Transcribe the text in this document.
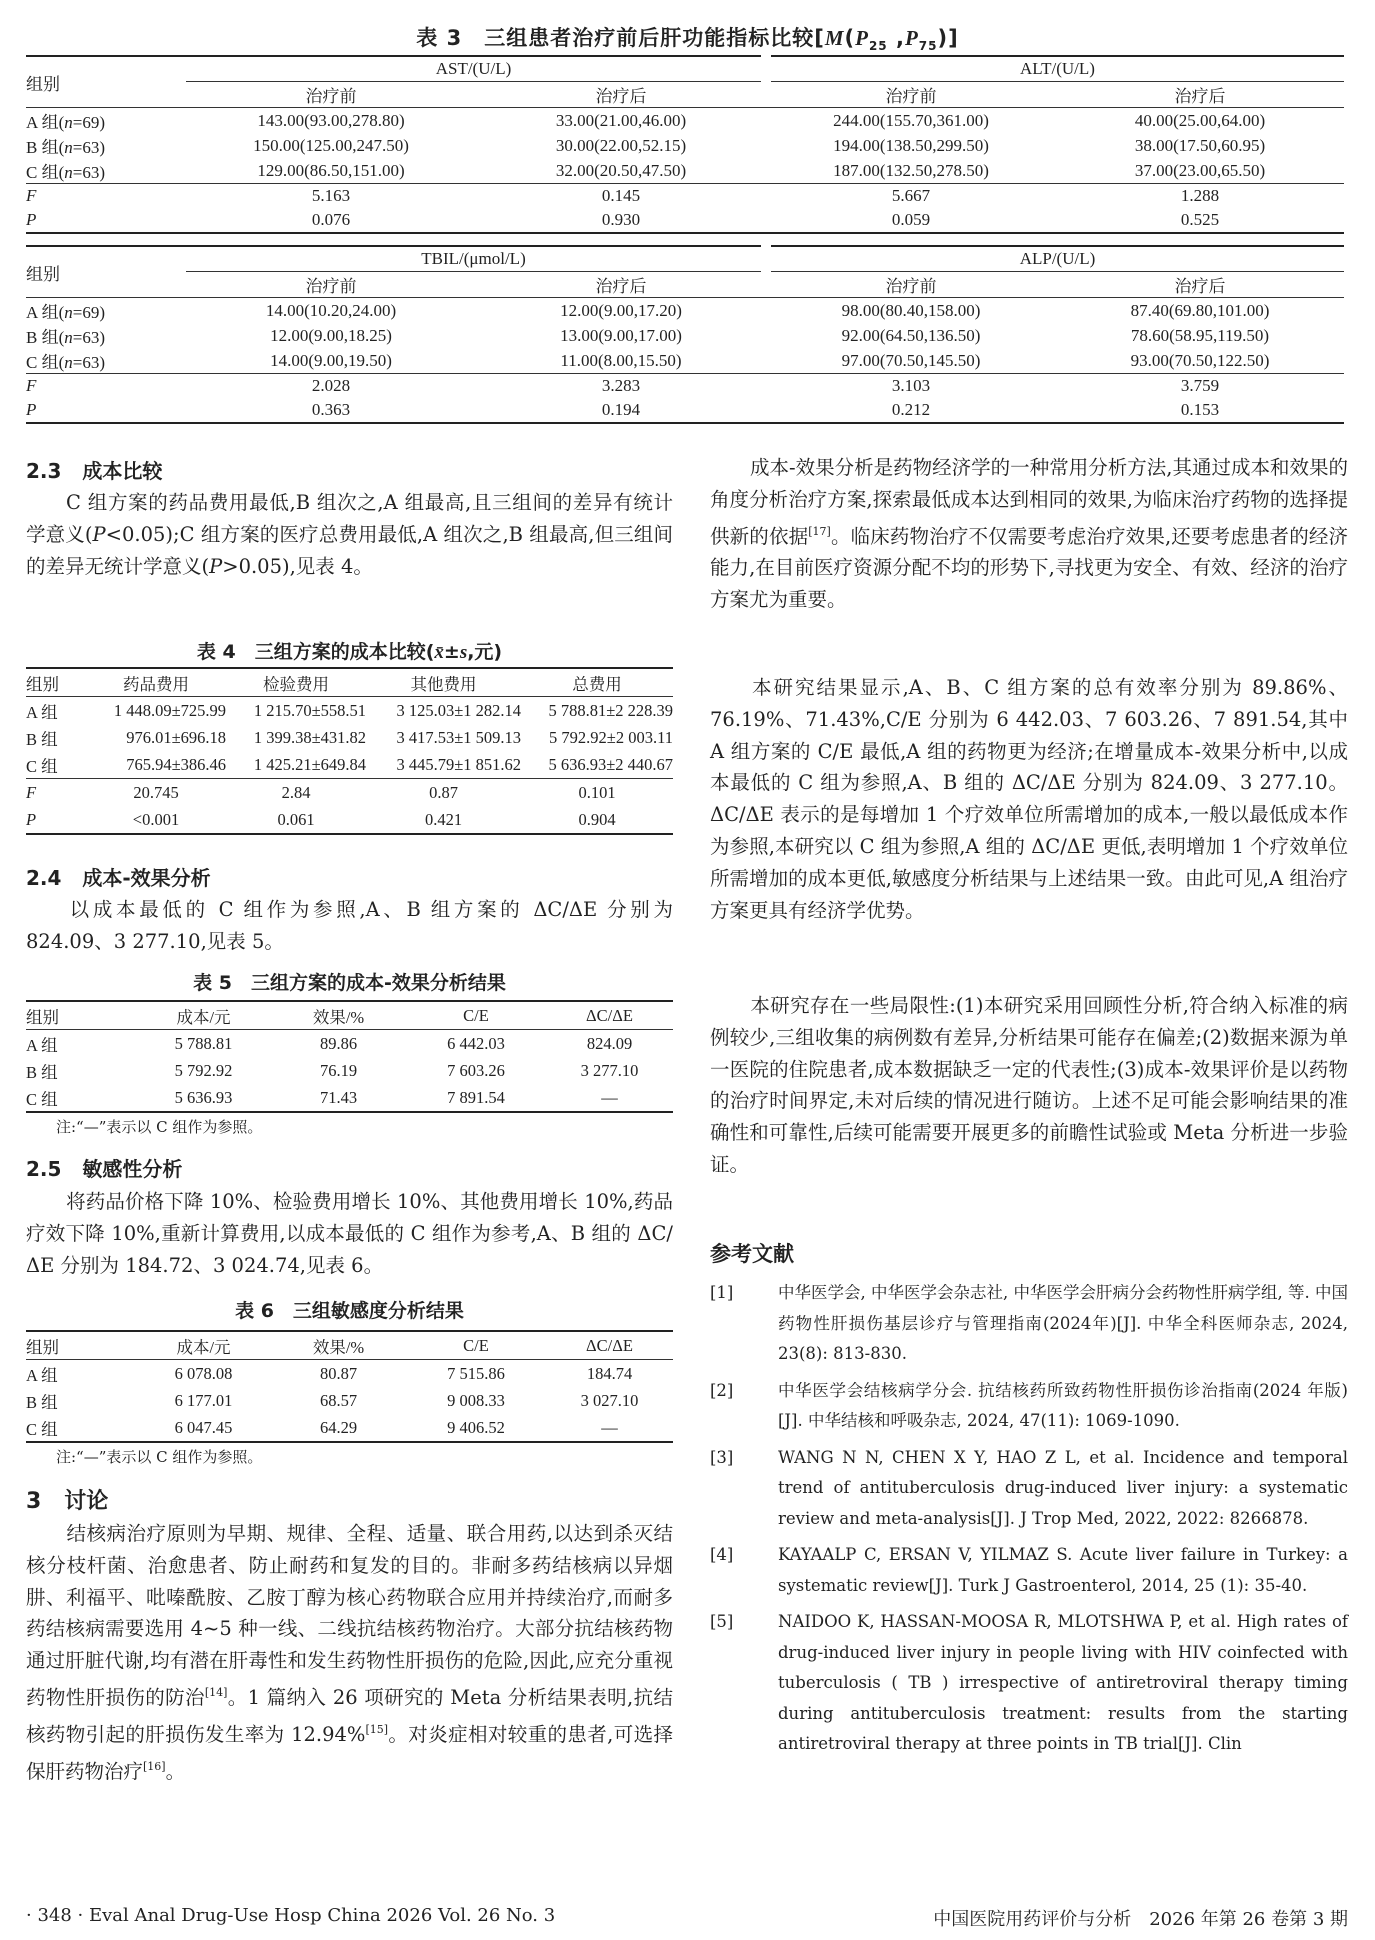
表 3　三组患者治疗前后肝功能指标比较[$M(P_{25}$ $,P_{75}$)]
组别	AST/(U/L)		ALT/(U/L)	
	治疗前	治疗后	治疗前	治疗后
A 组(n=69)	143.00(93.00,278.80)	33.00(21.00,46.00)	244.00(155.70,361.00)	40.00(25.00,64.00)
B 组(n=63)	150.00(125.00,247.50)	30.00(22.00,52.15)	194.00(138.50,299.50)	38.00(17.50,60.95)
C 组(n=63)	129.00(86.50,151.00)	32.00(20.50,47.50)	187.00(132.50,278.50)	37.00(23.00,65.50)
F	5.163	0.145	5.667	1.288
P	0.076	0.930	0.059	0.525
组别	TBIL/(μmol/L)		ALP/(U/L)	
	治疗前	治疗后	治疗前	治疗后
A 组(n=69)	14.00(10.20,24.00)	12.00(9.00,17.20)	98.00(80.40,158.00)	87.40(69.80,101.00)
B 组(n=63)	12.00(9.00,18.25)	13.00(9.00,17.00)	92.00(64.50,136.50)	78.60(58.95,119.50)
C 组(n=63)	14.00(9.00,19.50)	11.00(8.00,15.50)	97.00(70.50,145.50)	93.00(70.50,122.50)
F	2.028	3.283	3.103	3.759
P	0.363	0.194	0.212	0.153
2.3 成本比较
C 组方案的药品费用最低,B 组次之,A 组最高,且三组间的差异有统计学意义(P<0.05);C 组方案的医疗总费用最低,A 组次之,B 组最高,但三组间的差异无统计学意义(P>0.05),见表 4。
表 4　三组方案的成本比较(x̄±s,元)
组别	药品费用	检验费用	其他费用	总费用
A 组	1 448.09±725.99	1 215.70±558.51	3 125.03±1 282.14	5 788.81±2 228.39
B 组	976.01±696.18	1 399.38±431.82	3 417.53±1 509.13	5 792.92±2 003.11
C 组	765.94±386.46	1 425.21±649.84	3 445.79±1 851.62	5 636.93±2 440.67
F	20.745	2.84	0.87	0.101
P	<0.001	0.061	0.421	0.904
2.4 成本-效果分析
以成本最低的 C 组作为参照,A、B 组方案的 ΔC/ΔE 分别为 824.09、3 277.10,见表 5。
表 5　三组方案的成本-效果分析结果
组别	成本/元	效果/%	C/E	ΔC/ΔE
A 组	5 788.81	89.86	6 442.03	824.09
B 组	5 792.92	76.19	7 603.26	3 277.10
C 组	5 636.93	71.43	7 891.54	—
注:“—”表示以 C 组作为参照。
2.5 敏感性分析
将药品价格下降 10%、检验费用增长 10%、其他费用增长 10%,药品疗效下降 10%,重新计算费用,以成本最低的 C 组作为参考,A、B 组的 ΔC/ΔE 分别为 184.72、3 024.74,见表 6。
表 6　三组敏感度分析结果
组别	成本/元	效果/%	C/E	ΔC/ΔE
A 组	6 078.08	80.87	7 515.86	184.74
B 组	6 177.01	68.57	9 008.33	3 027.10
C 组	6 047.45	64.29	9 406.52	—
注:“—”表示以 C 组作为参照。
3 讨论
结核病治疗原则为早期、规律、全程、适量、联合用药,以达到杀灭结核分枝杆菌、治愈患者、防止耐药和复发的目的。非耐多药结核病以异烟肼、利福平、吡嗪酰胺、乙胺丁醇为核心药物联合应用并持续治疗,而耐多药结核病需要选用 4~5 种一线、二线抗结核药物治疗。大部分抗结核药物通过肝脏代谢,均有潜在肝毒性和发生药物性肝损伤的危险,因此,应充分重视药物性肝损伤的防治[14]。1 篇纳入 26 项研究的 Meta 分析结果表明,抗结核药物引起的肝损伤发生率为 12.94%[15]。对炎症相对较重的患者,可选择保肝药物治疗[16]。
成本-效果分析是药物经济学的一种常用分析方法,其通过成本和效果的角度分析治疗方案,探索最低成本达到相同的效果,为临床治疗药物的选择提供新的依据[17]。临床药物治疗不仅需要考虑治疗效果,还要考虑患者的经济能力,在目前医疗资源分配不均的形势下,寻找更为安全、有效、经济的治疗方案尤为重要。
本研究结果显示,A、B、C 组方案的总有效率分别为 89.86%、76.19%、71.43%,C/E 分别为 6 442.03、7 603.26、7 891.54,其中 A 组方案的 C/E 最低,A 组的药物更为经济;在增量成本-效果分析中,以成本最低的 C 组为参照,A、B 组的 ΔC/ΔE 分别为 824.09、3 277.10。ΔC/ΔE 表示的是每增加 1 个疗效单位所需增加的成本,一般以最低成本作为参照,本研究以 C 组为参照,A 组的 ΔC/ΔE 更低,表明增加 1 个疗效单位所需增加的成本更低,敏感度分析结果与上述结果一致。由此可见,A 组治疗方案更具有经济学优势。
本研究存在一些局限性:(1)本研究采用回顾性分析,符合纳入标准的病例较少,三组收集的病例数有差异,分析结果可能存在偏差;(2)数据来源为单一医院的住院患者,成本数据缺乏一定的代表性;(3)成本-效果评价是以药物的治疗时间界定,未对后续的情况进行随访。上述不足可能会影响结果的准确性和可靠性,后续可能需要开展更多的前瞻性试验或 Meta 分析进一步验证。
参考文献
[1]	中华医学会, 中华医学会杂志社, 中华医学会肝病分会药物性肝病学组, 等. 中国药物性肝损伤基层诊疗与管理指南(2024年)[J]. 中华全科医师杂志, 2024, 23(8): 813-830.
[2]	中华医学会结核病学分会. 抗结核药所致药物性肝损伤诊治指南(2024 年版)[J]. 中华结核和呼吸杂志, 2024, 47(11): 1069-1090.
[3]	WANG N N, CHEN X Y, HAO Z L, et al. Incidence and temporal trend of antituberculosis drug-induced liver injury: a systematic review and meta-analysis[J]. J Trop Med, 2022, 2022: 8266878.
[4]	KAYAALP C, ERSAN V, YILMAZ S. Acute liver failure in Turkey: a systematic review[J]. Turk J Gastroenterol, 2014, 25 (1): 35-40.
[5]	NAIDOO K, HASSAN-MOOSA R, MLOTSHWA P, et al. High rates of drug-induced liver injury in people living with HIV coinfected with tuberculosis ( TB ) irrespective of antiretroviral therapy timing during antituberculosis treatment: results from the starting antiretroviral therapy at three points in TB trial[J]. Clin
· 348 · Eval Anal Drug-Use Hosp China 2026 Vol. 26 No. 3	中国医院用药评价与分析　2026 年第 26 卷第 3 期
